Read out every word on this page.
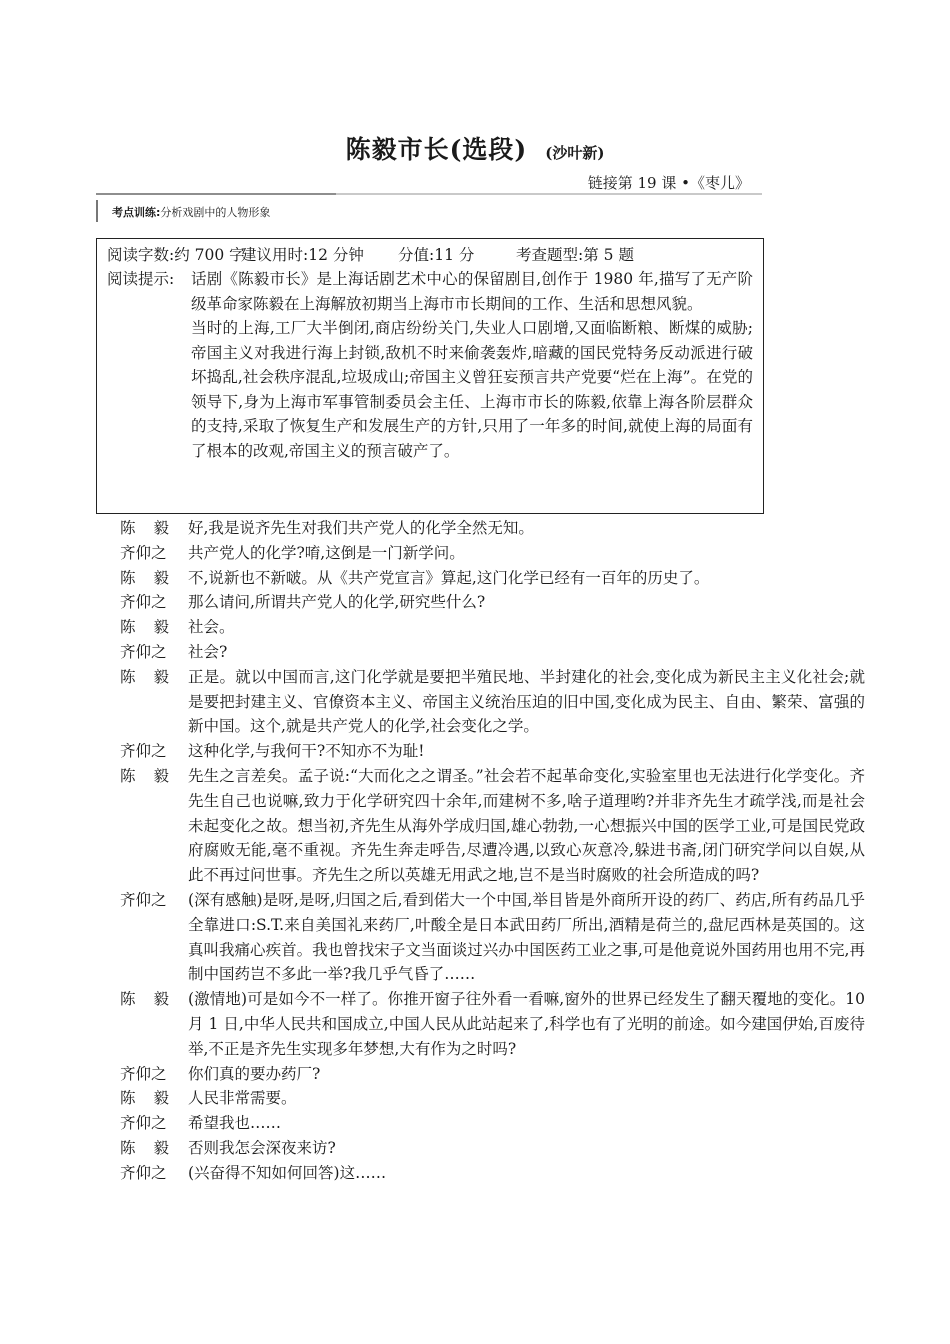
陈毅市长(选段) (沙叶新)
链接第 19 课 •《枣儿》
考点训练:分析戏剧中的人物形象
阅读字数:约 700 字建议用时:12 分钟 分值:11 分	考查题型:第 5 题
阅读提示: 话剧《陈毅市长》是上海话剧艺术中心的保留剧目,创作于 1980 年,描写了无产阶级革命家陈毅在上海解放初期当上海市市长期间的工作、生活和思想风貌。

当时的上海,工厂大半倒闭,商店纷纷关门,失业人口剧增,又面临断粮、断煤的威胁;帝国主义对我进行海上封锁,敌机不时来偷袭轰炸,暗藏的国民党特务反动派进行破坏捣乱,社会秩序混乱,垃圾成山;帝国主义曾狂妄预言共产党要“烂在上海”。在党的领导下,身为上海市军事管制委员会主任、上海市市长的陈毅,依靠上海各阶层群众的支持,采取了恢复生产和发展生产的方针,只用了一年多的时间,就使上海的局面有了根本的改观,帝国主义的预言破产了。

陈毅 好,我是说齐先生对我们共产党人的化学全然无知。
齐仰之	共产党人的化学?唷,这倒是一门新学问。
陈毅 不,说新也不新啵。从《共产党宣言》算起,这门化学已经有一百年的历史了。
齐仰之	那么请问,所谓共产党人的化学,研究些什么?
陈毅 社会。
齐仰之	社会?
陈毅 正是。就以中国而言,这门化学就是要把半殖民地、半封建化的社会,变化成为新民主主义化社会;就是要把封建主义、官僚资本主义、帝国主义统治压迫的旧中国,变化成为民主、自由、繁荣、富强的新中国。这个,就是共产党人的化学,社会变化之学。
齐仰之	这种化学,与我何干?不知亦不为耻!
陈毅 先生之言差矣。孟子说:“大而化之之谓圣。”社会若不起革命变化,实验室里也无法进行化学变化。齐先生自己也说嘛,致力于化学研究四十余年,而建树不多,啥子道理哟?并非齐先生才疏学浅,而是社会未起变化之故。想当初,齐先生从海外学成归国,雄心勃勃,一心想振兴中国的医学工业,可是国民党政府腐败无能,毫不重视。齐先生奔走呼告,尽遭冷遇,以致心灰意冷,躲进书斋,闭门研究学问以自娱,从此不再过问世事。齐先生之所以英雄无用武之地,岂不是当时腐败的社会所造成的吗?
齐仰之	(深有感触)是呀,是呀,归国之后,看到偌大一个中国,举目皆是外商所开设的药厂、药店,所有药品几乎全靠进口:S.T.来自美国礼来药厂,叶酸全是日本武田药厂所出,酒精是荷兰的,盘尼西林是英国的。这真叫我痛心疾首。我也曾找宋子文当面谈过兴办中国医药工业之事,可是他竟说外国药用也用不完,再制中国药岂不多此一举?我几乎气昏了……
陈毅 (激情地)可是如今不一样了。你推开窗子往外看一看嘛,窗外的世界已经发生了翻天覆地的变化。10 月 1 日,中华人民共和国成立,中国人民从此站起来了,科学也有了光明的前途。如今建国伊始,百废待举,不正是齐先生实现多年梦想,大有作为之时吗?
齐仰之	你们真的要办药厂?
陈毅 人民非常需要。
齐仰之	希望我也……
陈毅 否则我怎会深夜来访?
齐仰之	(兴奋得不知如何回答)这……
